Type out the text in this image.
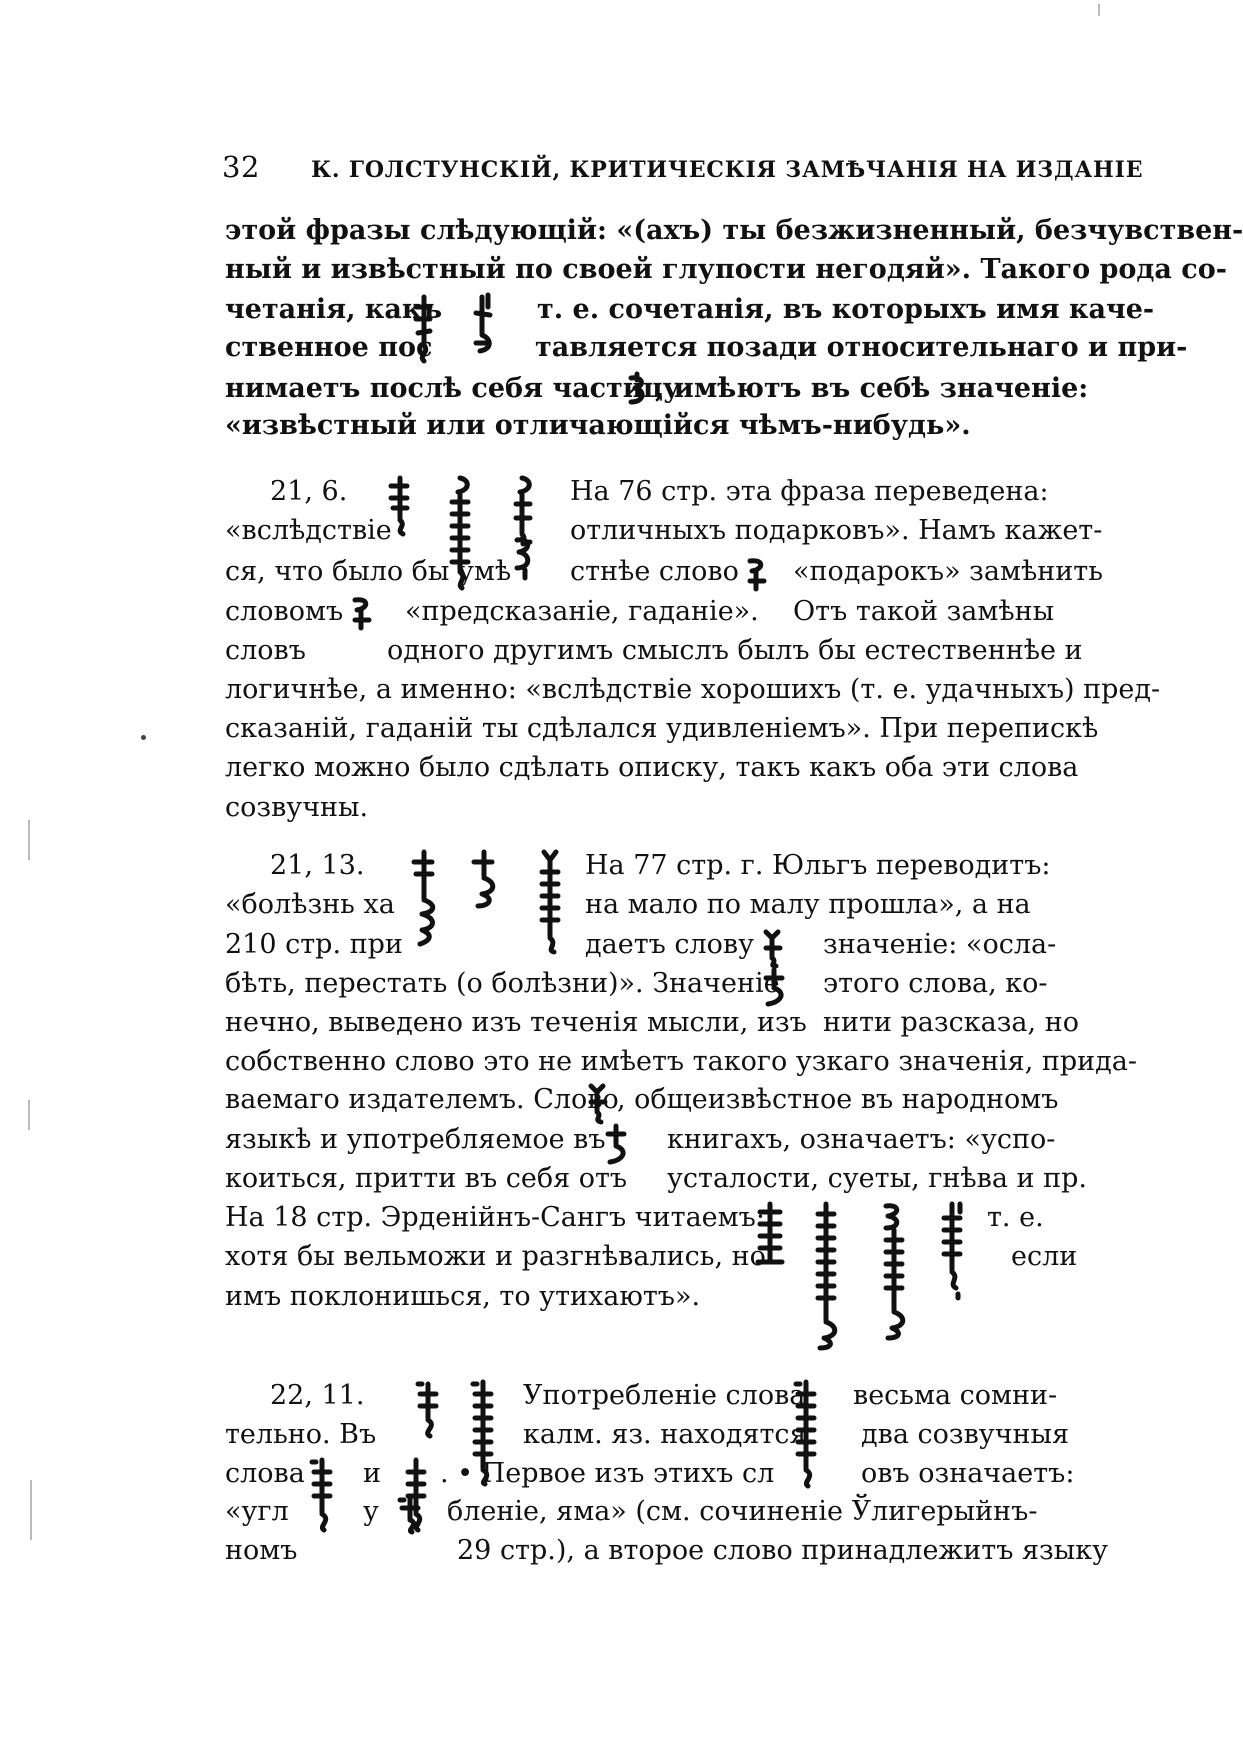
32 К. ГОЛСТУНСКІЙ, КРИТИЧЕСКІЯ ЗАМѢЧАНІЯ НА ИЗДАНІЕ
этой фразы слѣдующій: «(ахъ) ты безжизненный, безчувствен-
ный и извѣстный по своей глупости негодяй». Такого рода со-
четанія, какъ	т. е. сочетанія, въ которыхъ имя каче-
ственное пос	тавляется позади относительнаго и при-
нимаетъ послѣ себя частицу
, имѣютъ въ себѣ значеніе:
«извѣстный или отличающійся чѣмъ-нибудь».
21, 6.	На 76 стр. эта фраза переведена:
«вслѣдствіе	отличныхъ подарковъ». Намъ кажет-
ся, что было бы умѣ стнѣе слово «подарокъ» замѣнить
словомъ «предсказаніе, гаданіе». Отъ такой замѣны
словъ	одного другимъ смыслъ былъ бы естественнѣе и
логичнѣе, а именно: «вслѣдствіе хорошихъ (т. е. удачныхъ) пред-
сказаній, гаданій ты сдѣлался удивленіемъ». При перепискѣ
легко можно было сдѣлать описку, такъ какъ оба эти слова
созвучны.
21, 13.	На 77 стр. г. Юльгъ переводитъ:
«болѣзнь ха	на мало по малу прошла», а на
210 стр. при	даетъ слову	значеніе: «осла-
бѣть, перестать (о болѣзни)». Значеніе этого слова, ко-
нечно, выведено изъ теченія мысли, изъ нити разсказа, но
собственно слово это не имѣетъ такого узкаго значенія, прида-
ваемаго издателемъ. Слово
, общеизвѣстное въ народномъ
языкѣ и употребляемое въ книгахъ, означаетъ: «успо-
коиться, притти въ себя отъ усталости, суеты, гнѣва и пр.
На 18 стр. Эрденійнъ-Сангъ читаемъ:	т. е.
хотя бы вельможи и разгнѣвались, но	если
имъ поклонишься, то утихаютъ».
22, 11.	Употребленіе слова весьма сомни-
тельно. Въ	калм. яз. находятся два созвучныя
слова и . • Первое изъ этихъ сл	овъ означаетъ:
«угл	у	бленіе, яма» (см. сочиненіе Ўлигерыйнъ-
номъ	29 стр.), а второе слово принадлежитъ языку
